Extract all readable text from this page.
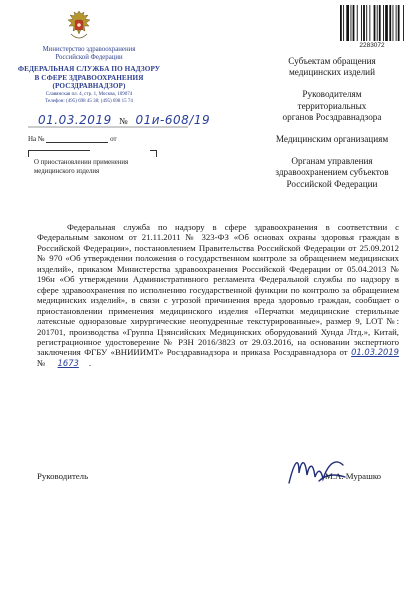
Министерство здравоохранения
Российской Федерации
ФЕДЕРАЛЬНАЯ СЛУЖБА ПО НАДЗОРУ
В СФЕРЕ ЗДРАВООХРАНЕНИЯ
(РОСЗДРАВНАДЗОР)
Славянская пл. 4, стр. 1, Москва, 109074
Телефон: (495) 698 45 38; (495) 698 15 74
01.03.2019 № 01и-608/19
На №	от
О приостановлении применения
медицинского изделия
2283072
Субъектам обращения
медицинских изделий
Руководителям
территориальных
органов Росздравнадзора
Медицинским организациям
Органам управления
здравоохранением субъектов
Российской Федерации
Федеральная служба по надзору в сфере здравоохранения в соответствии с Федеральным законом от 21.11.2011 № 323-ФЗ «Об основах охраны здоровья граждан в Российской Федерации», постановлением Правительства Российской Федерации от 25.09.2012 № 970 «Об утверждении положения о государственном контроле за обращением медицинских изделий», приказом Министерства здравоохранения Российской Федерации от 05.04.2013 № 196н «Об утверждении Административного регламента Федеральной службы по надзору в сфере здравоохранения по исполнению государственной функции по контролю за обращением медицинских изделий», в связи с угрозой причинения вреда здоровью граждан, сообщает о приостановлении применения медицинского изделия «Перчатки медицинские стерильные латексные одноразовые хирургические неопудренные текстурированные», размер 9, LOT №: 201701, производства «Группа Цзянсийских Медицинских оборудований Хунда Лтд.», Китай, регистрационное удостоверение № РЗН 2016/3823 от 29.03.2016, на основании экспертного заключения ФГБУ «ВНИИИМТ» Росздравнадзора и приказа Росздравнадзора от 01.03.2019 № 1673 .
Руководитель	М.А. Мурашко
